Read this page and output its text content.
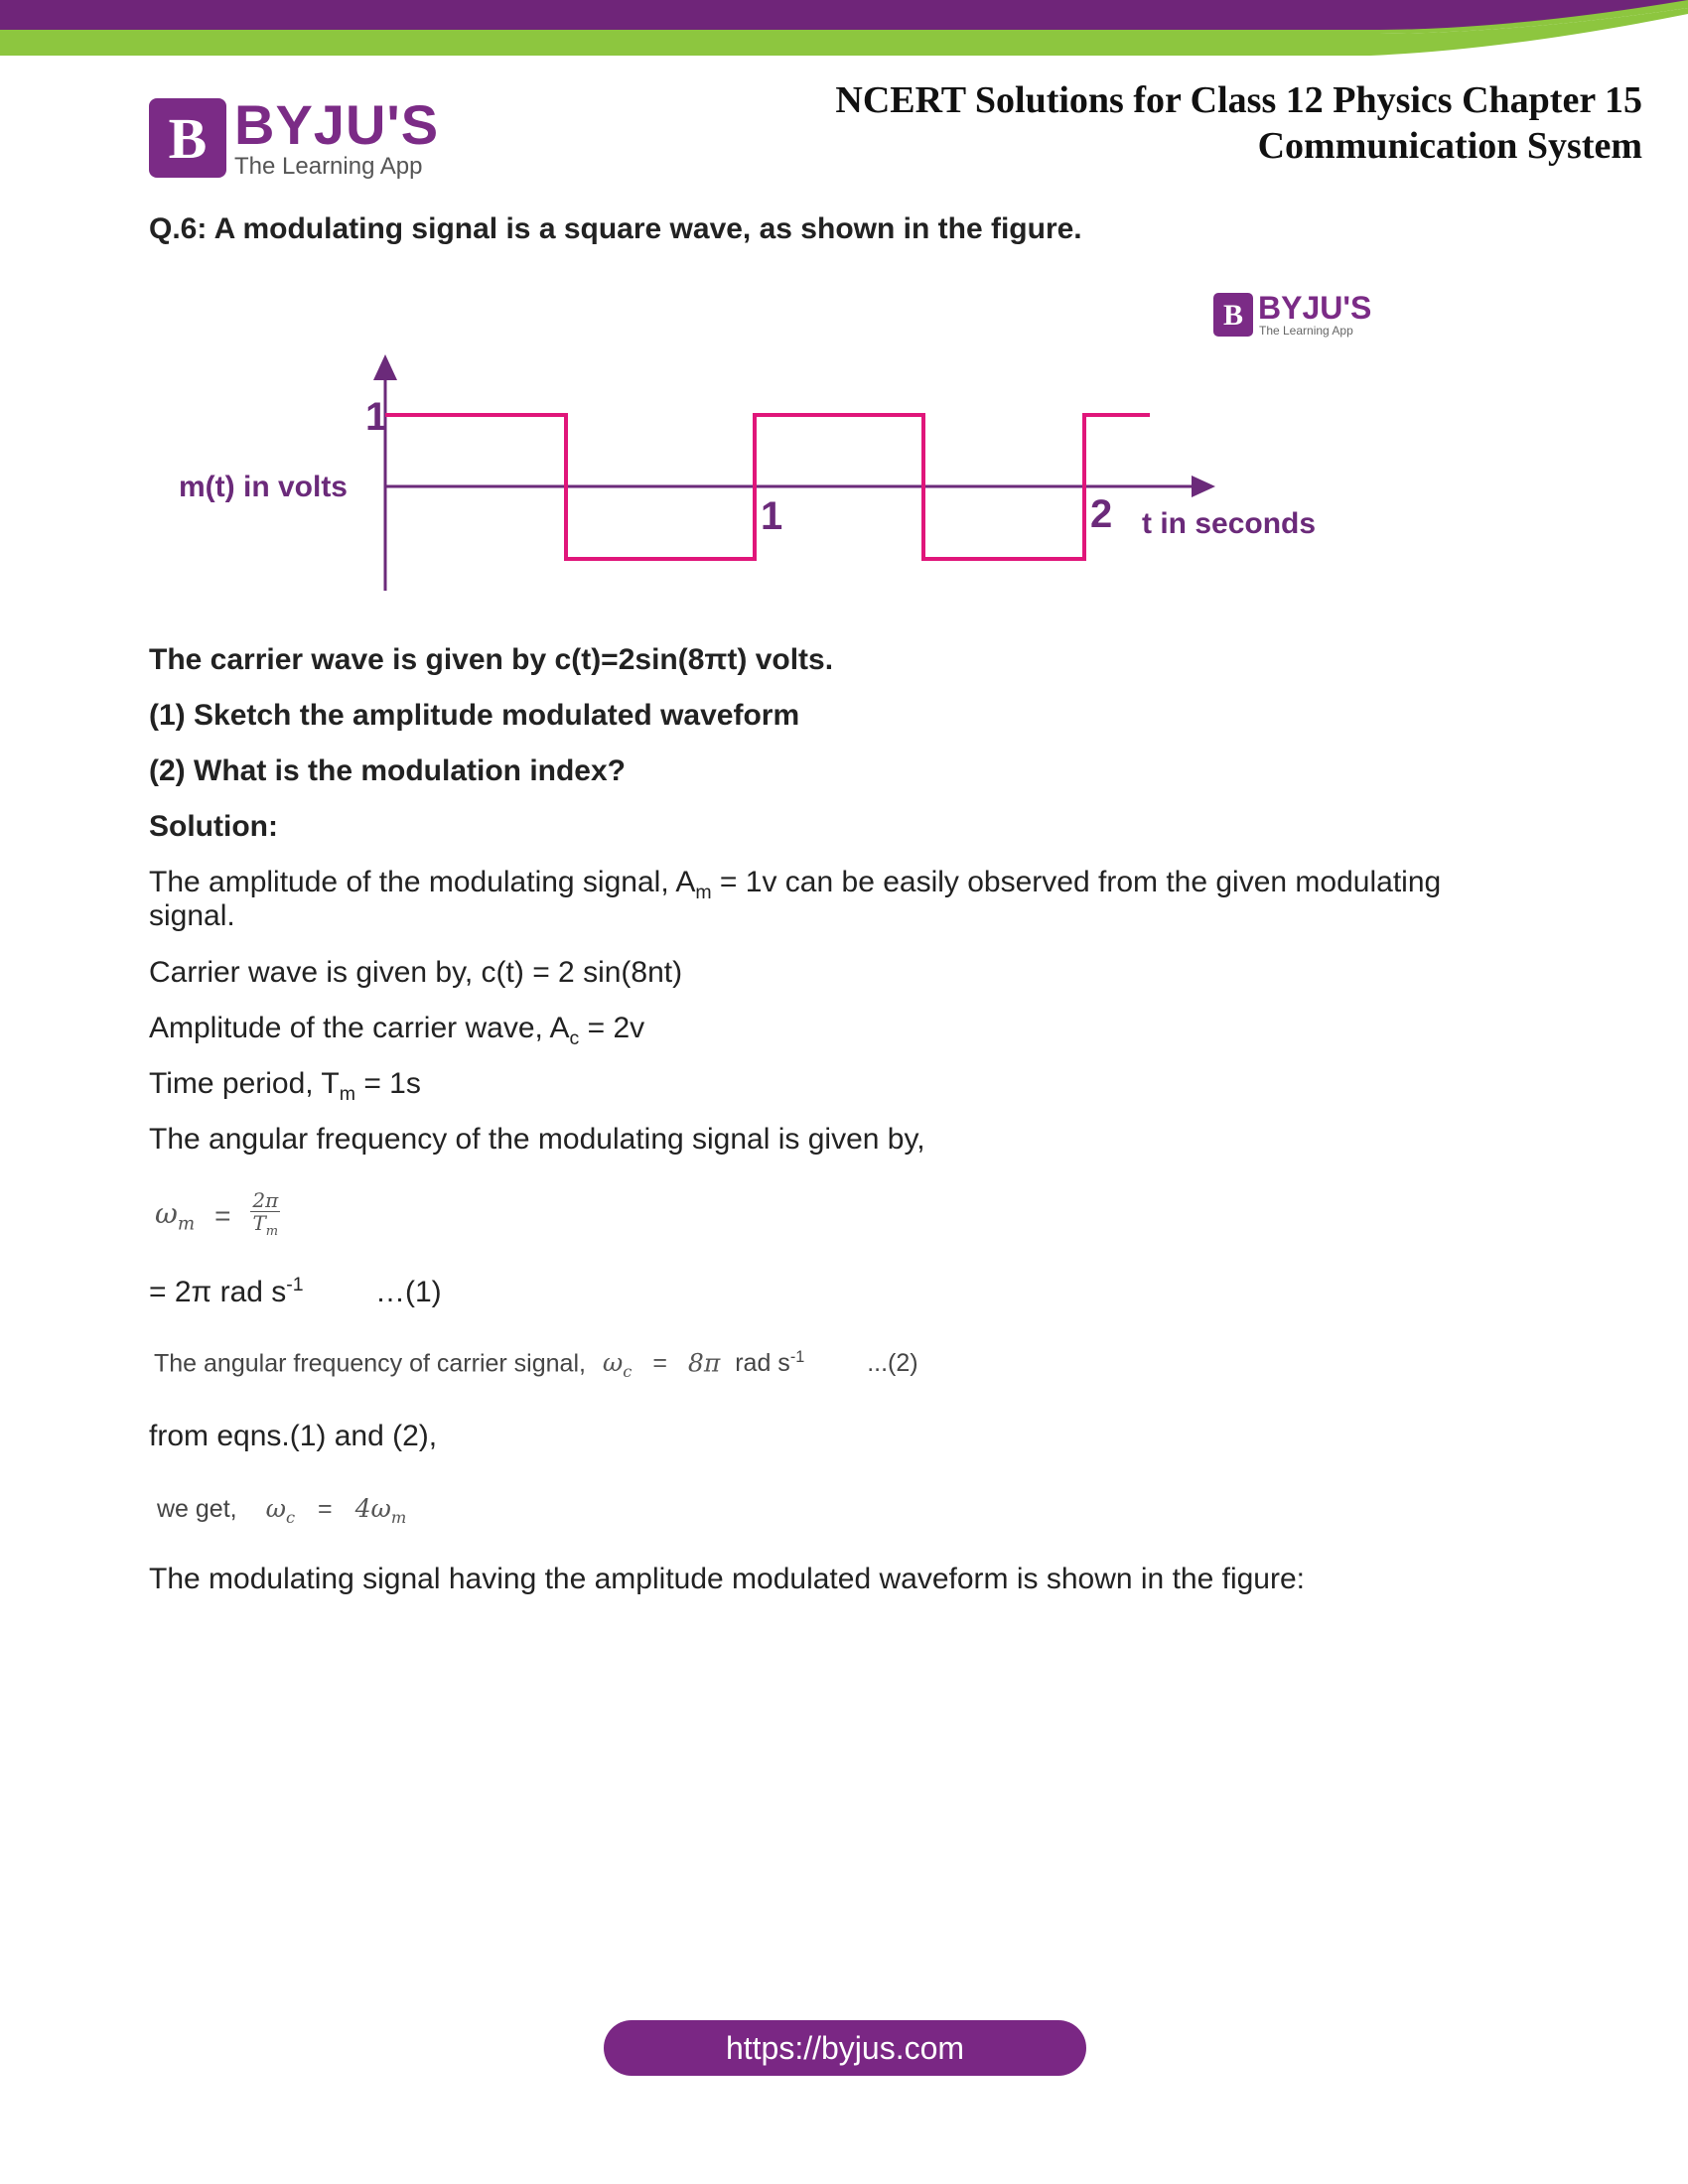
B BYJU'S
The Learning App
NCERT Solutions for Class 12 Physics Chapter 15
Communication System
Q.6: A modulating signal is a square wave, as shown in the figure.
B BYJU'S
The Learning App
1
m(t) in volts
1	2 t in seconds
The carrier wave is given by c(t)=2sin(8πt) volts.
(1) Sketch the amplitude modulated waveform
(2) What is the modulation index?
Solution:
The amplitude of the modulating signal, $A_m = 1v$ can be easily observed from the given modulating
signal.
Carrier wave is given by, c(t) = 2 sin(8nt)
Amplitude of the carrier wave, $A_c = 2v$
Time period, $T_m = 1s$
The angular frequency of the modulating signal is given by,
$\omega_m = \frac{2\pi}{T_m}$
= 2π rad $s^{-1}$ …(1)
The angular frequency of carrier signal, $\omega_c = 8\pi$ rad $s^{-1}$	...(2)
from eqns.(1) and (2),
we get, $\omega_c = 4\omega_m$
The modulating signal having the amplitude modulated waveform is shown in the figure:
https://byjus.com
